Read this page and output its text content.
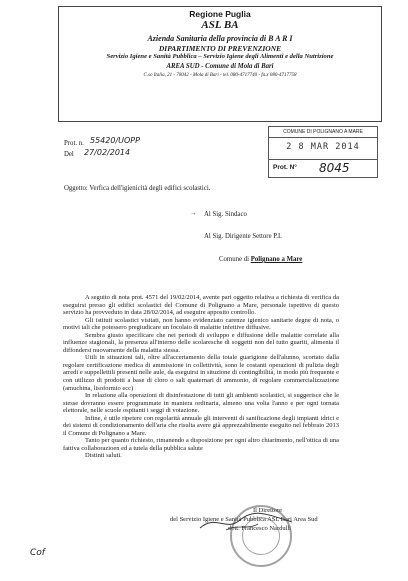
Regione Puglia
ASL BA
Azienda Sanitaria della provincia di B A R I
DIPARTIMENTO DI PREVENZIONE
Servizio Igiene e Sanità Pubblica – Servizio Igiene degli Alimenti e della Nutrizione
AREA SUD - Comune di Mola di Bari
C.so Italia, 21 - 70042 - Mola di Bari - tel. 080-4717740 - fa.x 080-4717758
Prot. n. 55420/UOPP
Del 27/02/2014
COMUNE DI POLIGNANO A MARE
2 8 MAR 2014
Prot. N° 8045
Oggetto: Verfica dell'igienicità degli edifici scolastici.
→ Al Sig. Sindaco
Al Sig. Dirigente Settore P.I.
Comune di Polignano a Mare

A seguito di nota prot. 4571 del 19/02/2014, avente pari oggetto relativa a richiesta di verifica da eseguirsi presso gli edifici scolastici del Comune di Polignano a Mare, personale ispettivo di questo servizio ha provveduto in data 28/02/2014, ad eseguire apposito controllo.

Gli istituti scolastici visitati, non hanno evidenziato carenze igienico sanitarie degne di nota, o motivi tali che potessero pregiudicare un focolaio di malattie infettive diffusive.

Sembra giusto specificare che nei periodi di sviluppo e diffusione delle malattie correlate alla influenze stagionali, la presenza all'interno delle scolaresche di soggetti non del tutto guariti, alimenta il diffondersi nuovamente della malattia stessa.

Utili in situazioni tali, oltre all'accertamento della totale guarigione dell'alunno, scortato dalla regolare certificazione medica di ammissione in collettività, sono le costanti operazioni di pulizia degli arredi e suppellettili presenti nelle aule, da eseguirsi in situzione di contingibilità, in modo più frequente e con utilizzo di prodotti a base di cloro o sali quaternari di ammonio, di regolare commercializzazione (amuchina, lisoformio ecc)

In relazione alla operazioni di disinfestazione di tutti gli ambienti scolastici, si suggerisce che le stesse dovranno essere programmate in maniera ordinaria, almeno una volta l'anno e per ogni tornata elettorale, nelle scuole ospitanti i seggi di votazione.

Infine, è utile ripetere con regolarità annuale gli interventi di sanificazione degli impianti idrici e dei sistemi di condizionamento dell'aria che risulta avere già apprezzabilmente eseguito nel febbraio 2013 il Comune di Polignano a Mare.

Tanto per quanto richiesto, rimanendo a disposizione per ogni altro chiarimento, nell'ottica di una fattiva collaborazioen ed a tutela della pubblica salute

Distinti saluti.

Il Direttore
del Servizio Igiene e Sanità Pubblica ASL Bari Area Sud
dott. Francesco Nardulli
Cof
